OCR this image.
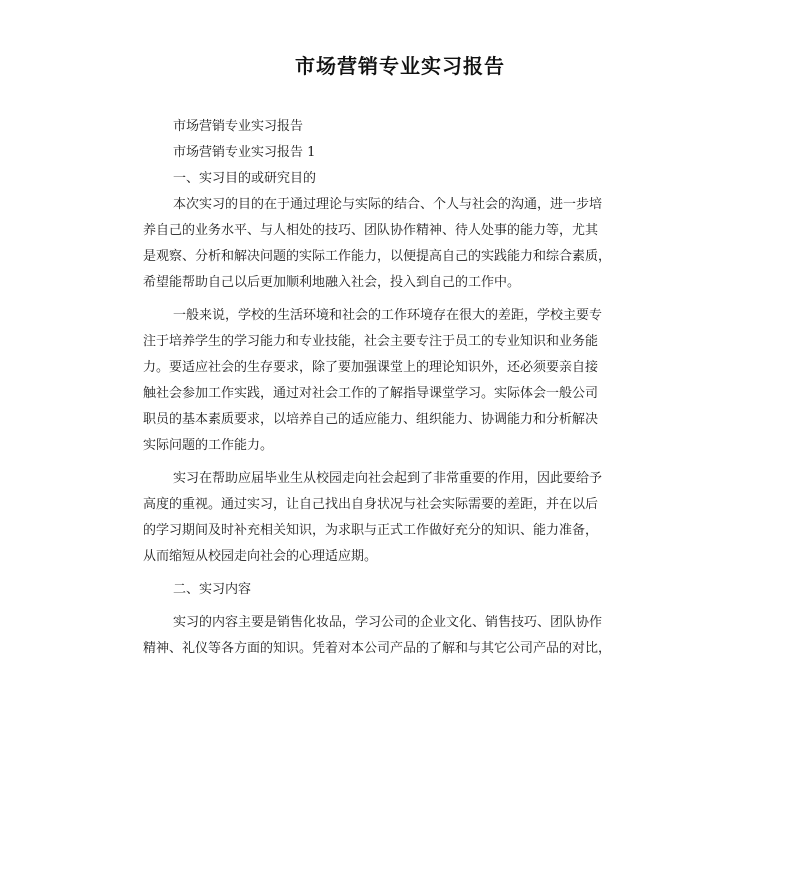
市场营销专业实习报告
市场营销专业实习报告
市场营销专业实习报告 1
一、实习目的或研究目的
本次实习的目的在于通过理论与实际的结合、个人与社会的沟通，进一步培
养自己的业务水平、与人相处的技巧、团队协作精神、待人处事的能力等，尤其
是观察、分析和解决问题的实际工作能力，以便提高自己的实践能力和综合素质，
希望能帮助自己以后更加顺利地融入社会，投入到自己的工作中。
一般来说，学校的生活环境和社会的工作环境存在很大的差距，学校主要专
注于培养学生的学习能力和专业技能，社会主要专注于员工的专业知识和业务能
力。要适应社会的生存要求，除了要加强课堂上的理论知识外，还必须要亲自接
触社会参加工作实践，通过对社会工作的了解指导课堂学习。实际体会一般公司
职员的基本素质要求，以培养自己的适应能力、组织能力、协调能力和分析解决
实际问题的工作能力。
实习在帮助应届毕业生从校园走向社会起到了非常重要的作用，因此要给予
高度的重视。通过实习，让自己找出自身状况与社会实际需要的差距，并在以后
的学习期间及时补充相关知识，为求职与正式工作做好充分的知识、能力准备，
从而缩短从校园走向社会的心理适应期。
二、实习内容
实习的内容主要是销售化妆品，学习公司的企业文化、销售技巧、团队协作
精神、礼仪等各方面的知识。凭着对本公司产品的了解和与其它公司产品的对比，
